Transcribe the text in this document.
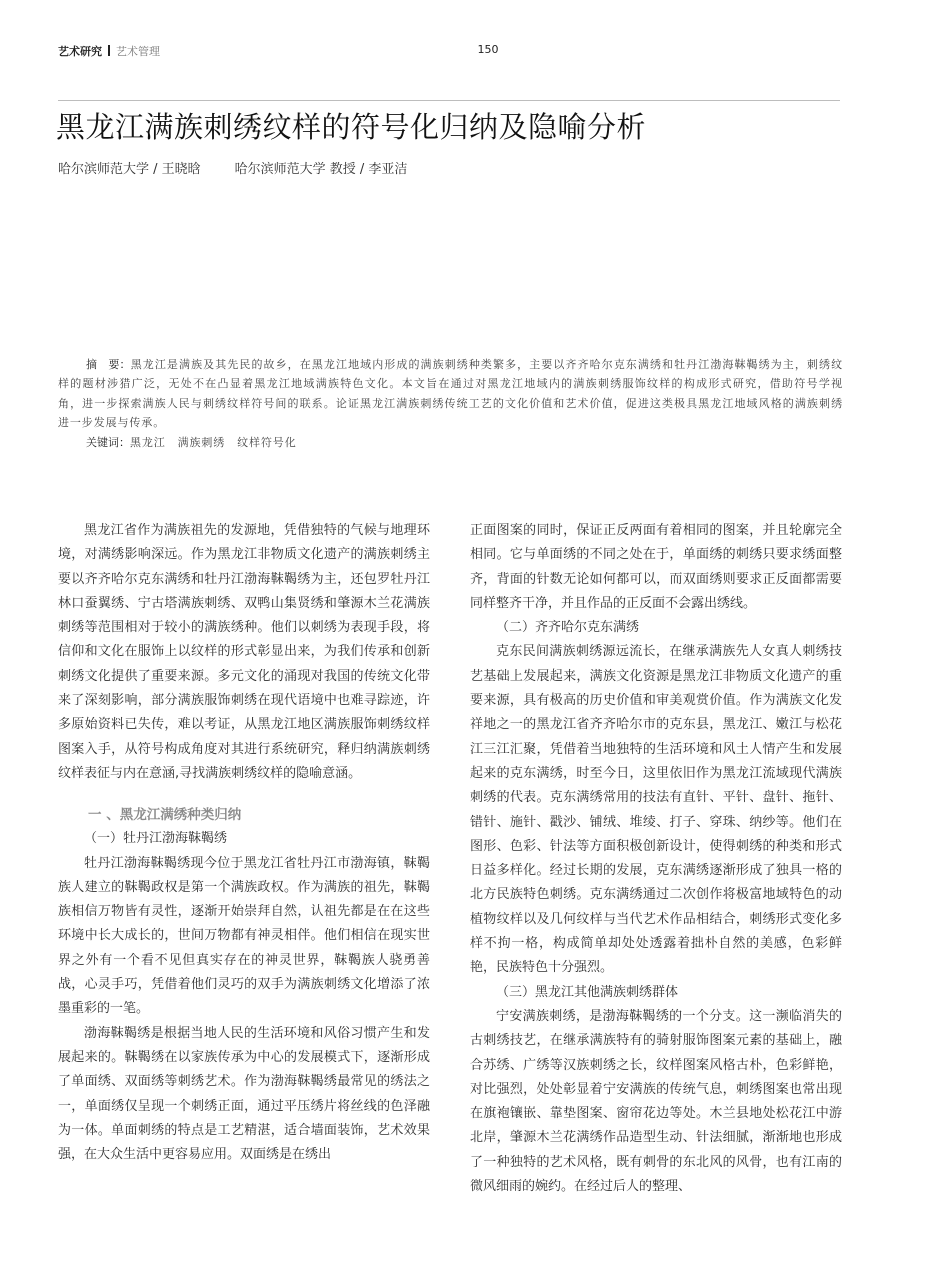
艺术研究 艺术管理	150
黑龙江满族刺绣纹样的符号化归纳及隐喻分析
哈尔滨师范大学 / 王晓晗	哈尔滨师范大学 教授 / 李亚洁

摘　要：黑龙江是满族及其先民的故乡，在黑龙江地域内形成的满族刺绣种类繁多，主要以齐齐哈尔克东满绣和牡丹江渤海靺鞨绣为主，刺绣纹样的题材涉猎广泛，无处不在凸显着黑龙江地域满族特色文化。本文旨在通过对黑龙江地域内的满族刺绣服饰纹样的构成形式研究，借助符号学视角，进一步探索满族人民与刺绣纹样符号间的联系。论证黑龙江满族刺绣传统工艺的文化价值和艺术价值，促进这类极具黑龙江地域风格的满族刺绣进一步发展与传承。

关键词：黑龙江　满族刺绣　纹样符号化

黑龙江省作为满族祖先的发源地，凭借独特的气候与地理环境，对满绣影响深远。作为黑龙江非物质文化遗产的满族刺绣主要以齐齐哈尔克东满绣和牡丹江渤海靺鞨绣为主，还包罗牡丹江林口蚕翼绣、宁古塔满族刺绣、双鸭山集贤绣和肇源木兰花满族刺绣等范围相对于较小的满族绣种。他们以刺绣为表现手段，将信仰和文化在服饰上以纹样的形式彰显出来，为我们传承和创新刺绣文化提供了重要来源。多元文化的涌现对我国的传统文化带来了深刻影响，部分满族服饰刺绣在现代语境中也难寻踪迹，许多原始资料已失传，难以考证，从黑龙江地区满族服饰刺绣纹样图案入手，从符号构成角度对其进行系统研究，释归纳满族刺绣纹样表征与内在意涵,寻找满族刺绣纹样的隐喻意涵。

一 、黑龙江满绣种类归纳
（一）牡丹江渤海靺鞨绣

牡丹江渤海靺鞨绣现今位于黑龙江省牡丹江市渤海镇，靺鞨族人建立的靺鞨政权是第一个满族政权。作为满族的祖先，靺鞨族相信万物皆有灵性，逐渐开始崇拜自然，认祖先都是在在这些环境中长大成长的，世间万物都有神灵相伴。他们相信在现实世界之外有一个看不见但真实存在的神灵世界，靺鞨族人骁勇善战，心灵手巧，凭借着他们灵巧的双手为满族刺绣文化增添了浓墨重彩的一笔。

渤海靺鞨绣是根据当地人民的生活环境和风俗习惯产生和发展起来的。靺鞨绣在以家族传承为中心的发展模式下，逐渐形成了单面绣、双面绣等刺绣艺术。作为渤海靺鞨绣最常见的绣法之一，单面绣仅呈现一个刺绣正面，通过平压绣片将丝线的色泽融为一体。单面刺绣的特点是工艺精湛，适合墙面装饰，艺术效果强，在大众生活中更容易应用。双面绣是在绣出

正面图案的同时，保证正反两面有着相同的图案，并且轮廓完全相同。它与单面绣的不同之处在于，单面绣的刺绣只要求绣面整齐，背面的针数无论如何都可以，而双面绣则要求正反面都需要同样整齐干净，并且作品的正反面不会露出绣线。

（二）齐齐哈尔克东满绣

克东民间满族刺绣源远流长，在继承满族先人女真人刺绣技艺基础上发展起来，满族文化资源是黑龙江非物质文化遗产的重要来源，具有极高的历史价值和审美观赏价值。作为满族文化发祥地之一的黑龙江省齐齐哈尔市的克东县，黑龙江、嫩江与松花江三江汇聚，凭借着当地独特的生活环境和风土人情产生和发展起来的克东满绣，时至今日，这里依旧作为黑龙江流域现代满族刺绣的代表。克东满绣常用的技法有直针、平针、盘针、拖针、错针、施针、戳沙、铺绒、堆绫、打子、穿珠、纳纱等。他们在图形、色彩、针法等方面积极创新设计，使得刺绣的种类和形式日益多样化。经过长期的发展，克东满绣逐渐形成了独具一格的北方民族特色刺绣。克东满绣通过二次创作将极富地域特色的动植物纹样以及几何纹样与当代艺术作品相结合，刺绣形式变化多样不拘一格，构成简单却处处透露着拙朴自然的美感，色彩鲜艳，民族特色十分强烈。

（三）黑龙江其他满族刺绣群体

宁安满族刺绣，是渤海靺鞨绣的一个分支。这一濒临消失的古刺绣技艺，在继承满族特有的骑射服饰图案元素的基础上，融合苏绣、广绣等汉族刺绣之长，纹样图案风格古朴，色彩鲜艳，对比强烈，处处彰显着宁安满族的传统气息，刺绣图案也常出现在旗袍镶嵌、靠垫图案、窗帘花边等处。木兰县地处松花江中游北岸，肇源木兰花满绣作品造型生动、针法细腻，渐渐地也形成了一种独特的艺术风格，既有刺骨的东北风的风骨，也有江南的微风细雨的婉约。在经过后人的整理、
